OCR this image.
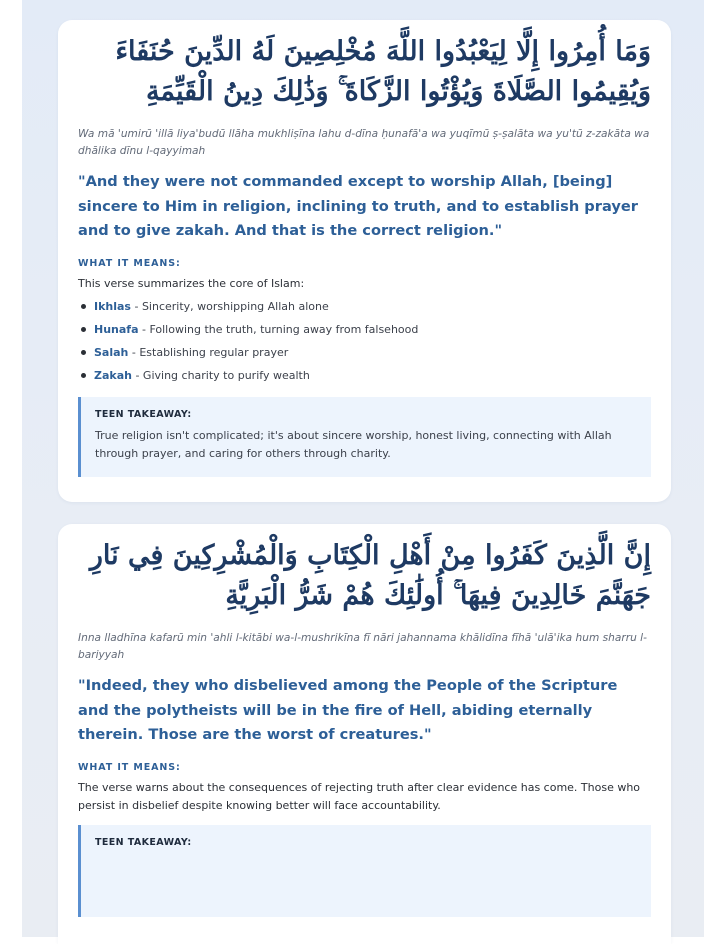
وَمَا أُمِرُوا إِلَّا لِيَعْبُدُوا اللَّهَ مُخْلِصِينَ لَهُ الدِّينَ حُنَفَاءَ وَيُقِيمُوا الصَّلَاةَ وَيُؤْتُوا الزَّكَاةَ ۚ وَذَٰلِكَ دِينُ الْقَيِّمَةِ

Wa mā 'umirū 'illā liya'budū llāha mukhliṣīna lahu d-dīna ḥunafā'a wa yuqīmū ṣ-ṣalāta wa yu'tū z-zakāta wa dhālika dīnu l-qayyimah

"And they were not commanded except to worship Allah, [being] sincere to Him in religion, inclining to truth, and to establish prayer and to give zakah. And that is the correct religion."

WHAT IT MEANS:

This verse summarizes the core of Islam:

Ikhlas - Sincerity, worshipping Allah alone
Hunafa - Following the truth, turning away from falsehood
Salah - Establishing regular prayer
Zakah - Giving charity to purify wealth

TEEN TAKEAWAY:

True religion isn't complicated; it's about sincere worship, honest living, connecting with Allah through prayer, and caring for others through charity.

إِنَّ الَّذِينَ كَفَرُوا مِنْ أَهْلِ الْكِتَابِ وَالْمُشْرِكِينَ فِي نَارِ جَهَنَّمَ خَالِدِينَ فِيهَا ۚ أُولَٰئِكَ هُمْ شَرُّ الْبَرِيَّةِ

Inna lladhīna kafarū min 'ahli l-kitābi wa-l-mushrikīna fī nāri jahannama khālidīna fīhā 'ulā'ika hum sharru l-bariyyah

"Indeed, they who disbelieved among the People of the Scripture and the polytheists will be in the fire of Hell, abiding eternally therein. Those are the worst of creatures."

WHAT IT MEANS:

The verse warns about the consequences of rejecting truth after clear evidence has come. Those who persist in disbelief despite knowing better will face accountability.

TEEN TAKEAWAY:
